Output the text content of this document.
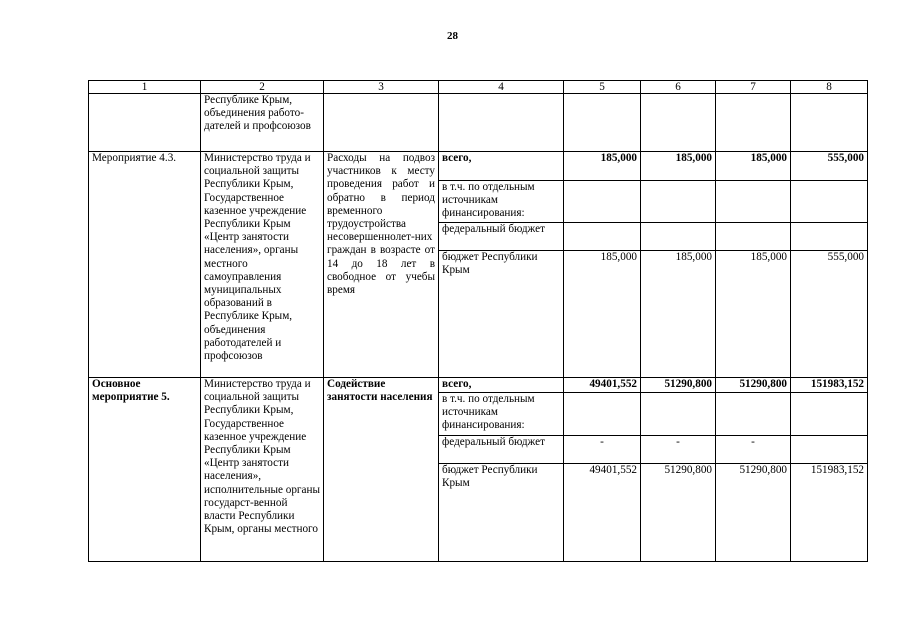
28
1	2	3	4	5	6	7	8
	Республике Крым, объединения работо-дателей и профсоюзов						
Мероприятие 4.3.	Министерство труда и социальной защиты Республики Крым, Государственное казенное учреждение Республики Крым «Центр занятости населения», органы местного самоуправления муниципальных образований в Республике Крым, объединения работодателей и профсоюзов	Расходы на подвоз участников к месту проведения работ и обратно в период временного трудоустройства несовершеннолет-них граждан в возрасте от 14 до 18 лет в свободное от учебы время	всего,	185,000	185,000	185,000	555,000
			в т.ч. по отдельным источникам финансирования:				
			федеральный бюджет				
			бюджет Республики Крым	185,000	185,000	185,000	555,000
Основное мероприятие 5.	Министерство труда и социальной защиты Республики Крым, Государственное казенное учреждение Республики Крым «Центр занятости населения», исполнительные органы государст-венной власти Республики Крым, органы местного	Содействие занятости населения	всего,	49401,552	51290,800	51290,800	151983,152
			в т.ч. по отдельным источникам финансирования:				
			федеральный бюджет	-	-	-	
			бюджет Республики Крым	49401,552	51290,800	51290,800	151983,152
